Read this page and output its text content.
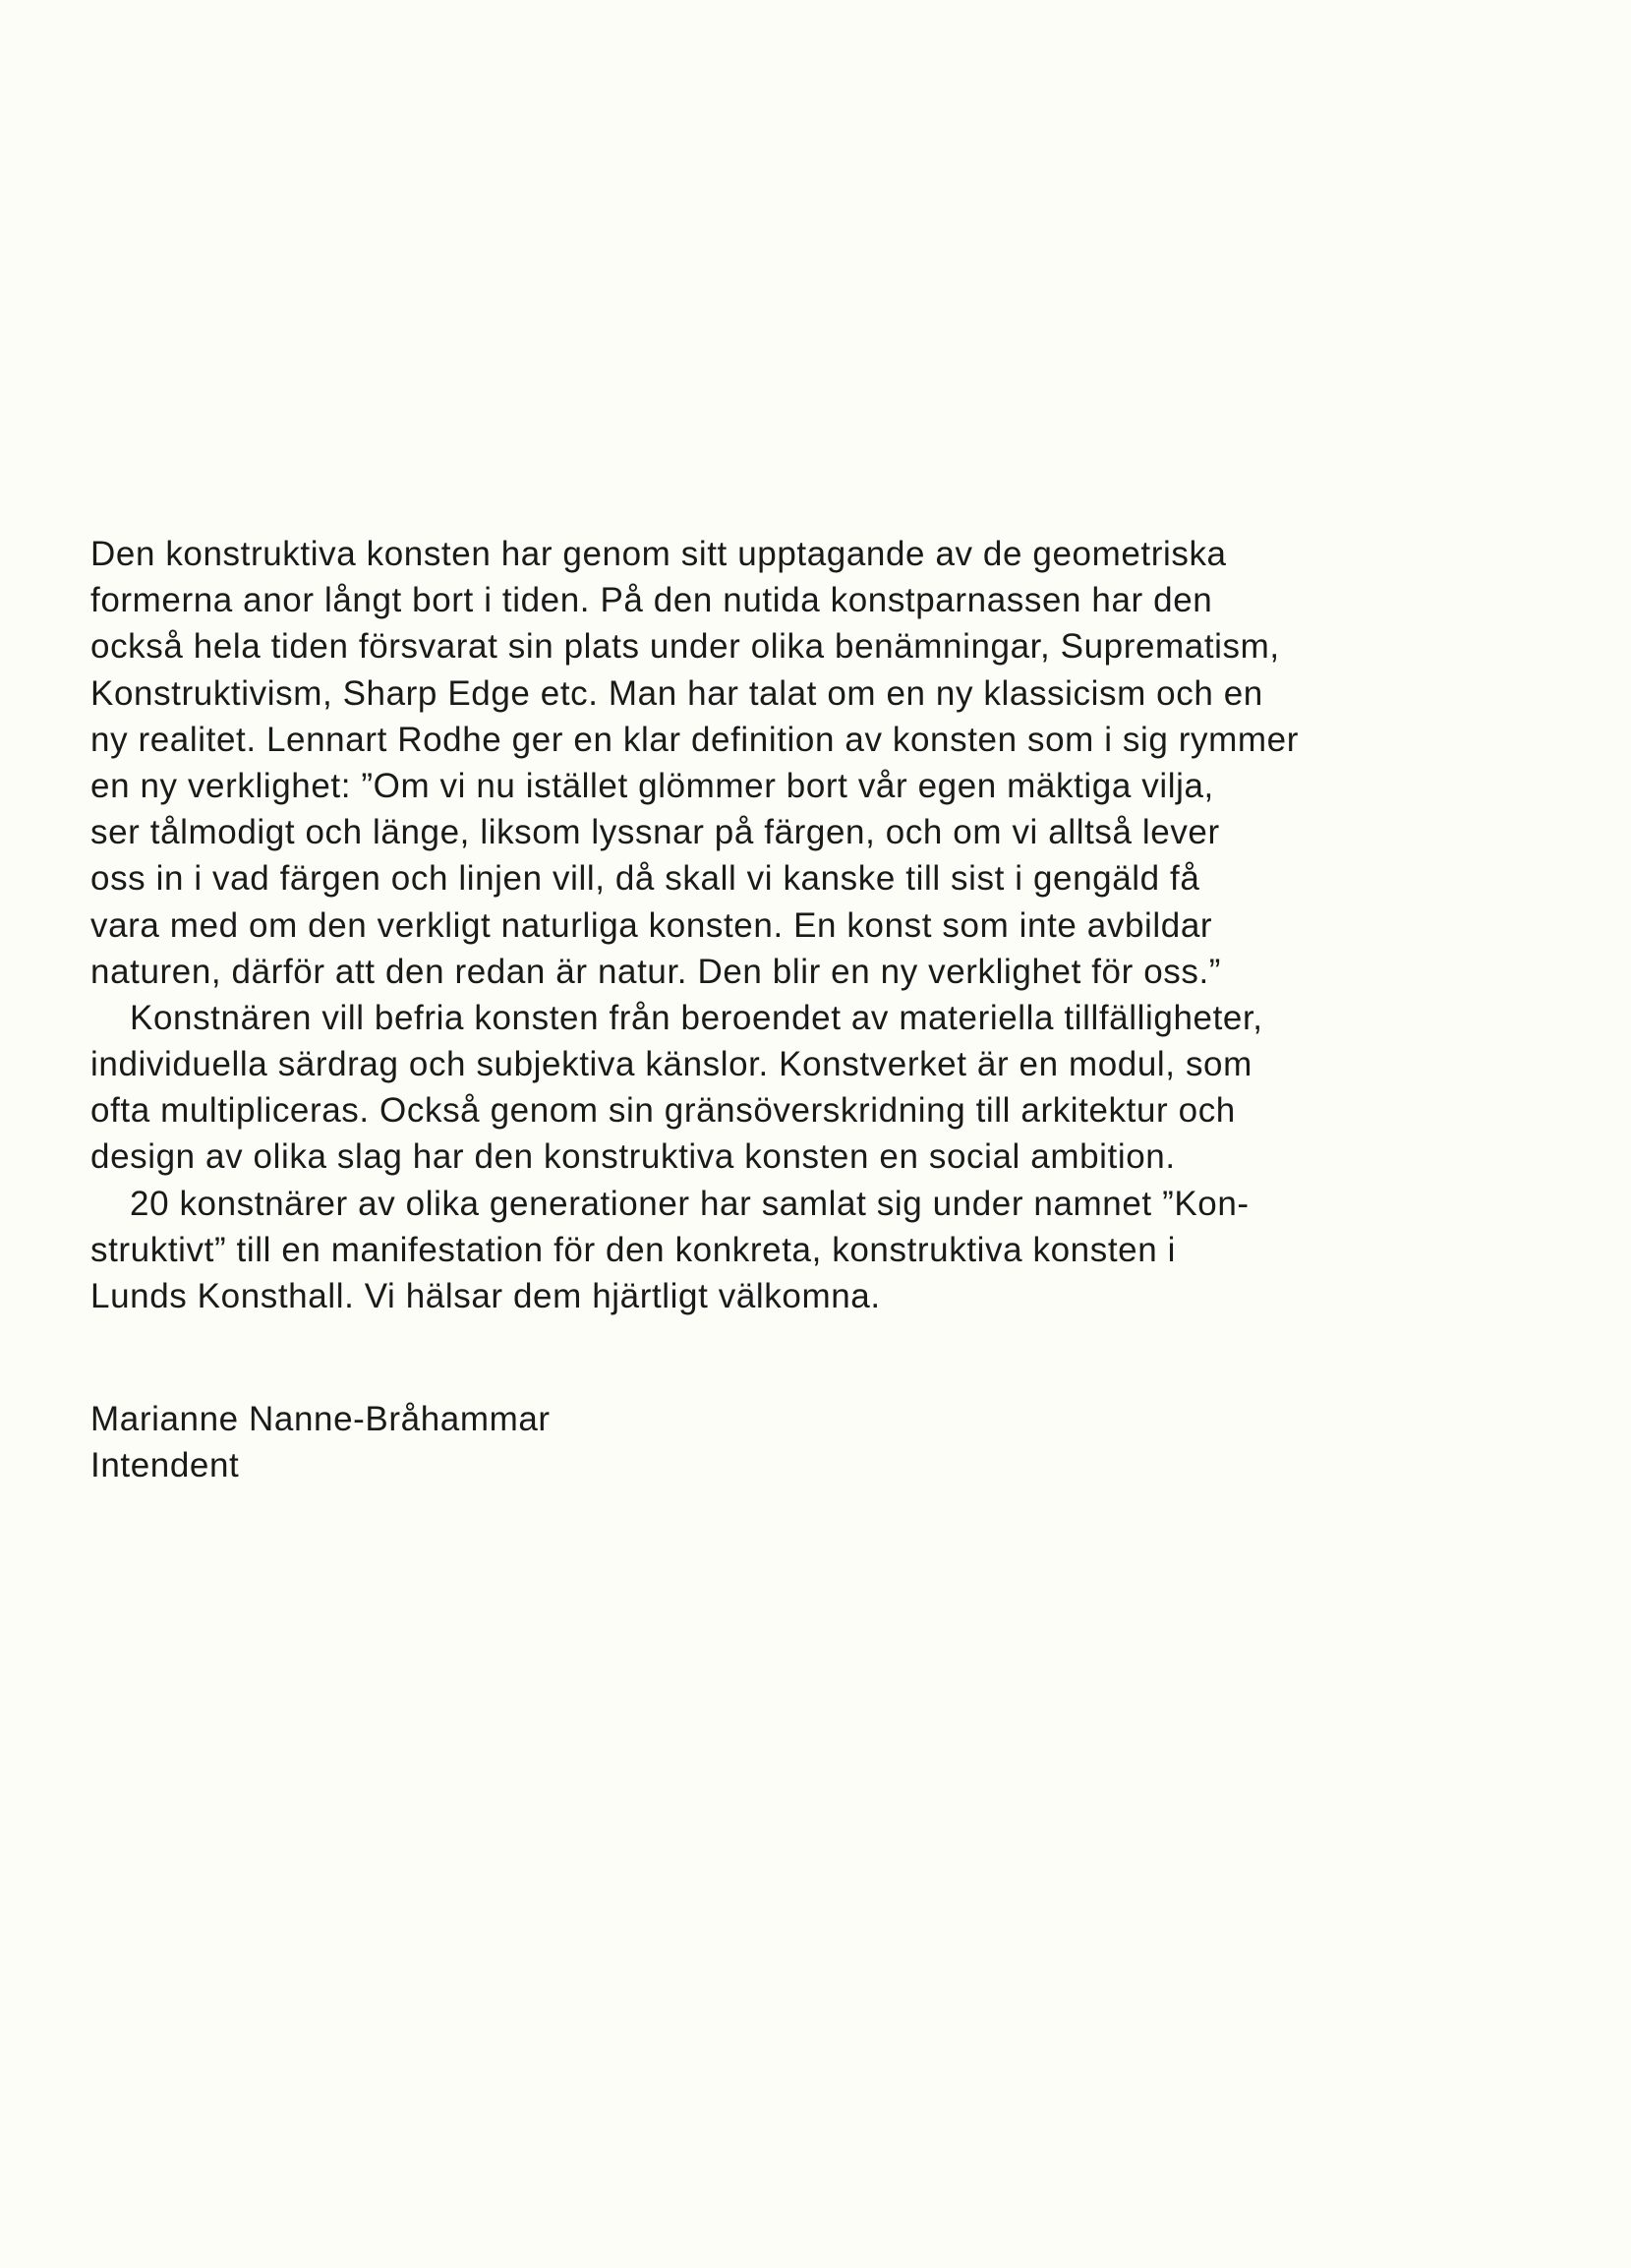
Den konstruktiva konsten har genom sitt upptagande av de geometriska
formerna anor långt bort i tiden. På den nutida konstparnassen har den
också hela tiden försvarat sin plats under olika benämningar, Suprematism,
Konstruktivism, Sharp Edge etc. Man har talat om en ny klassicism och en
ny realitet. Lennart Rodhe ger en klar definition av konsten som i sig rymmer
en ny verklighet: ”Om vi nu istället glömmer bort vår egen mäktiga vilja,
ser tålmodigt och länge, liksom lyssnar på färgen, och om vi alltså lever
oss in i vad färgen och linjen vill, då skall vi kanske till sist i gengäld få
vara med om den verkligt naturliga konsten. En konst som inte avbildar
naturen, därför att den redan är natur. Den blir en ny verklighet för oss.”
Konstnären vill befria konsten från beroendet av materiella tillfälligheter,
individuella särdrag och subjektiva känslor. Konstverket är en modul, som
ofta multipliceras. Också genom sin gränsöverskridning till arkitektur och
design av olika slag har den konstruktiva konsten en social ambition.
20 konstnärer av olika generationer har samlat sig under namnet ”Kon-
struktivt” till en manifestation för den konkreta, konstruktiva konsten i
Lunds Konsthall. Vi hälsar dem hjärtligt välkomna.
Marianne Nanne-Bråhammar
Intendent
